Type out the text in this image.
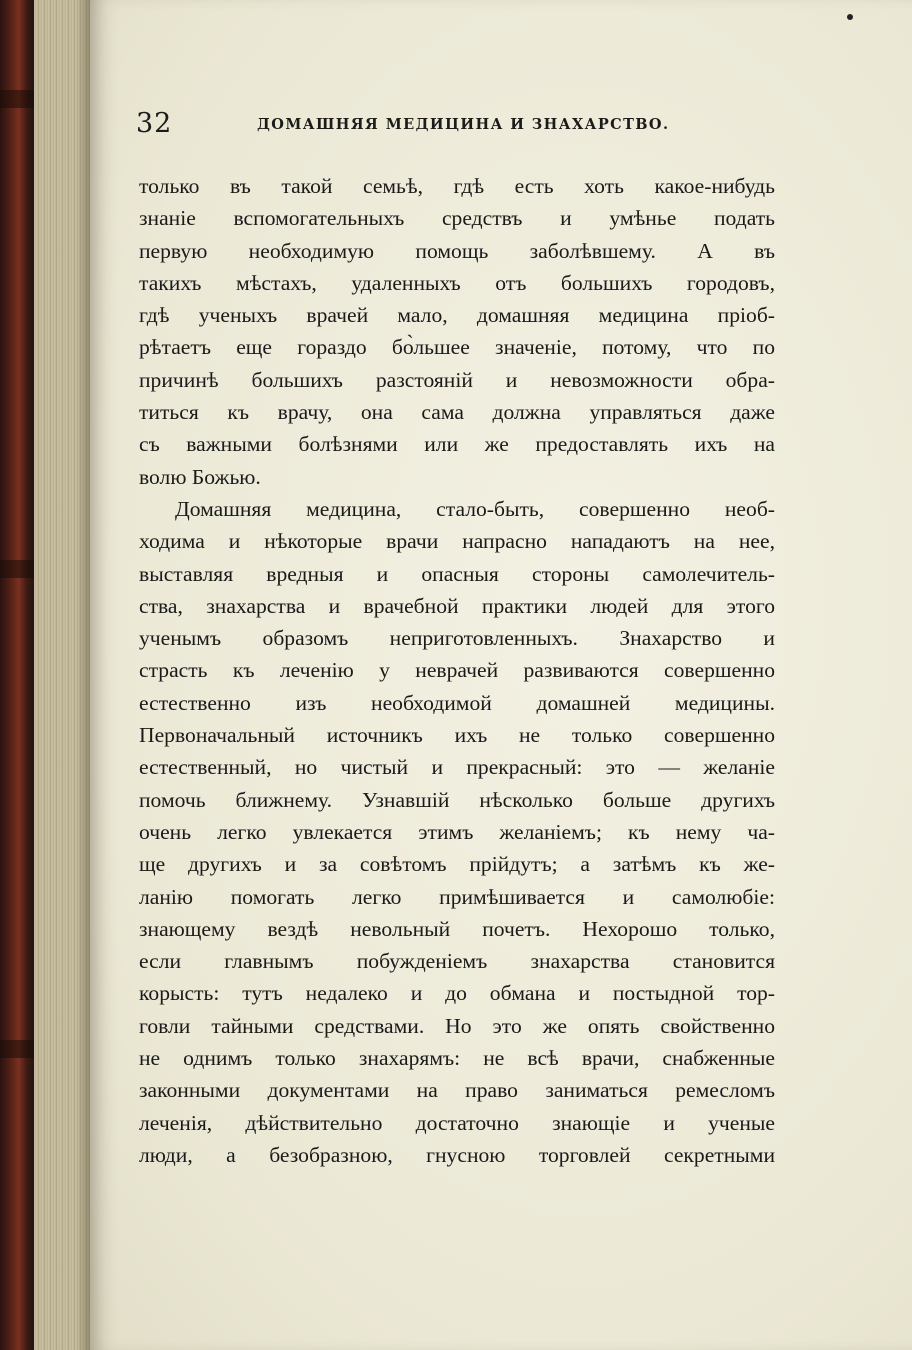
32	ДОМАШНЯЯ МЕДИЦИНА И ЗНАХАРСТВО.
только въ такой семьѣ, гдѣ есть хоть какое-нибудь
знаніе вспомогательныхъ средствъ и умѣнье подать
первую необходимую помощь заболѣвшему. А въ
такихъ мѣстахъ, удаленныхъ отъ большихъ городовъ,
гдѣ ученыхъ врачей мало, домашняя медицина пріоб-
рѣтаетъ еще гораздо бо̀льшее значеніе, потому, что по
причинѣ большихъ разстояній и невозможности обра-
титься къ врачу, она сама должна управляться даже
съ важными болѣзнями или же предоставлять ихъ на
волю Божью.
Домашняя медицина, стало-быть, совершенно необ-
ходима и нѣкоторые врачи напрасно нападаютъ на нее,
выставляя вредныя и опасныя стороны самолечитель-
ства, знахарства и врачебной практики людей для этого
ученымъ образомъ неприготовленныхъ. Знахарство и
страсть къ леченію у неврачей развиваются совершенно
естественно изъ необходимой домашней медицины.
Первоначальный источникъ ихъ не только совершенно
естественный, но чистый и прекрасный: это — желаніе
помочь ближнему. Узнавшій нѣсколько больше другихъ
очень легко увлекается этимъ желаніемъ; къ нему ча-
ще другихъ и за совѣтомъ прійдутъ; а затѣмъ къ же-
ланію помогать легко примѣшивается и самолюбіе:
знающему вездѣ невольный почетъ. Нехорошо только,
если главнымъ побужденіемъ знахарства становится
корысть: тутъ недалеко и до обмана и постыдной тор-
говли тайными средствами. Но это же опять свойственно
не однимъ только знахарямъ: не всѣ врачи, снабженные
законными документами на право заниматься ремесломъ
леченія, дѣйствительно достаточно знающіе и ученые
люди, а безобразною, гнусною торговлей секретными
